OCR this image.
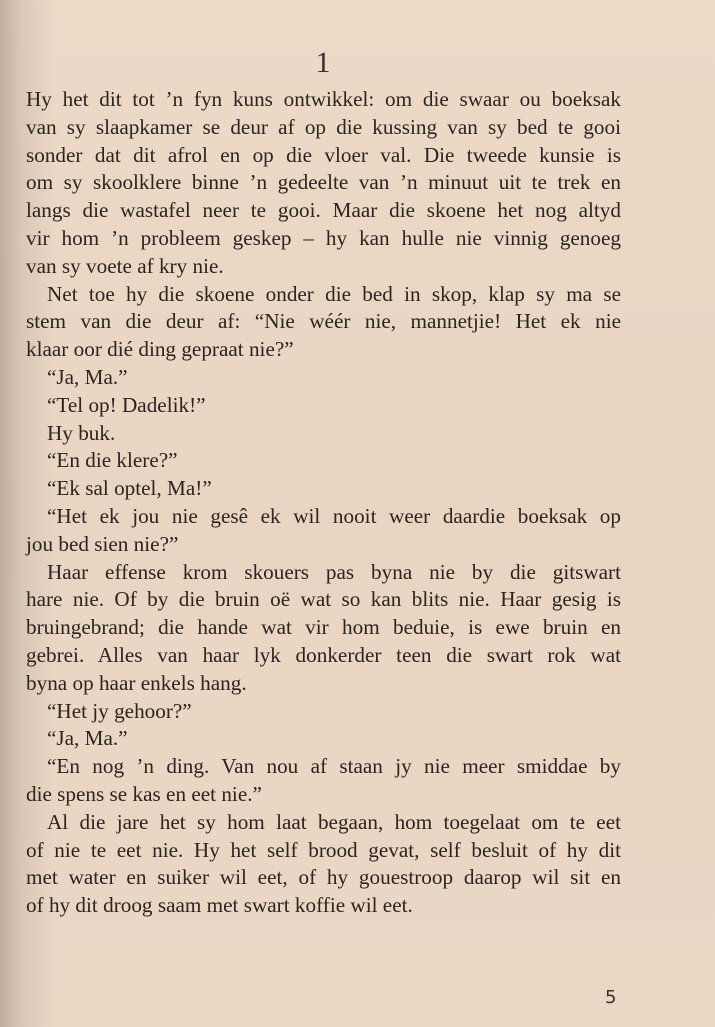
1

Hy het dit tot ’n fyn kuns ontwikkel: om die swaar ou boeksak
van sy slaapkamer se deur af op die kussing van sy bed te gooi
sonder dat dit afrol en op die vloer val. Die tweede kunsie is
om sy skoolklere binne ’n gedeelte van ’n minuut uit te trek en
langs die wastafel neer te gooi. Maar die skoene het nog altyd
vir hom ’n probleem geskep – hy kan hulle nie vinnig genoeg
van sy voete af kry nie.

Net toe hy die skoene onder die bed in skop, klap sy ma se
stem van die deur af: “Nie wéér nie, mannetjie! Het ek nie
klaar oor dié ding gepraat nie?”

“Ja, Ma.”

“Tel op! Dadelik!”

Hy buk.

“En die klere?”

“Ek sal optel, Ma!”

“Het ek jou nie gesê ek wil nooit weer daardie boeksak op
jou bed sien nie?”

Haar effense krom skouers pas byna nie by die gitswart
hare nie. Of by die bruin oë wat so kan blits nie. Haar gesig is
bruingebrand; die hande wat vir hom beduie, is ewe bruin en
gebrei. Alles van haar lyk donkerder teen die swart rok wat
byna op haar enkels hang.

“Het jy gehoor?”

“Ja, Ma.”

“En nog ’n ding. Van nou af staan jy nie meer smiddae by
die spens se kas en eet nie.”

Al die jare het sy hom laat begaan, hom toegelaat om te eet
of nie te eet nie. Hy het self brood gevat, self besluit of hy dit
met water en suiker wil eet, of hy gouestroop daarop wil sit en
of hy dit droog saam met swart koffie wil eet.

5
